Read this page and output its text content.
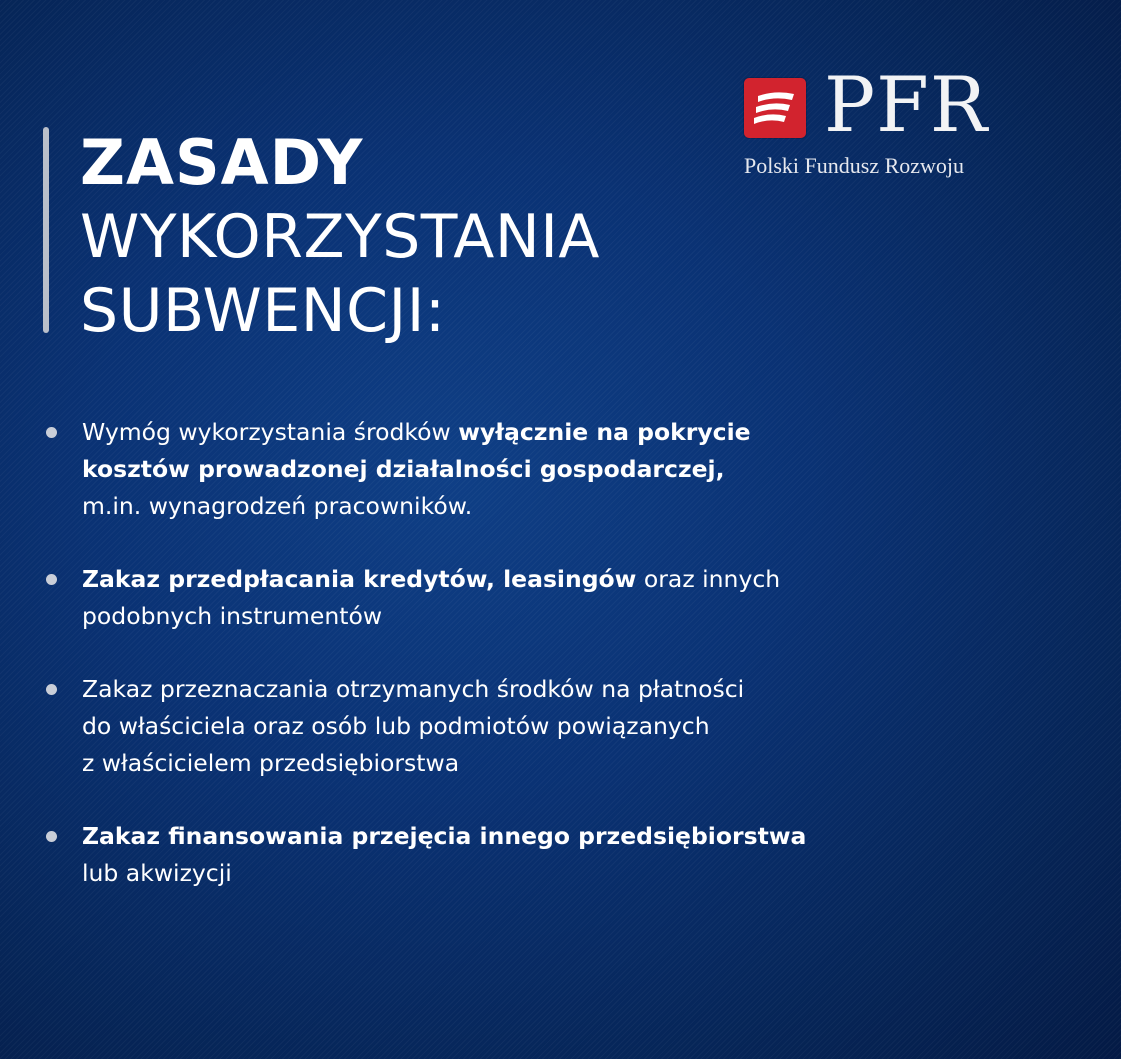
ZASADY
WYKORZYSTANIA
SUBWENCJI:
PFR
Polski Fundusz Rozwoju
Wymóg wykorzystania środków wyłącznie na pokrycie
kosztów prowadzonej działalności gospodarczej,
m.in. wynagrodzeń pracowników.
Zakaz przedpłacania kredytów, leasingów oraz innych
podobnych instrumentów
Zakaz przeznaczania otrzymanych środków na płatności
do właściciela oraz osób lub podmiotów powiązanych
z właścicielem przedsiębiorstwa
Zakaz finansowania przejęcia innego przedsiębiorstwa
lub akwizycji
